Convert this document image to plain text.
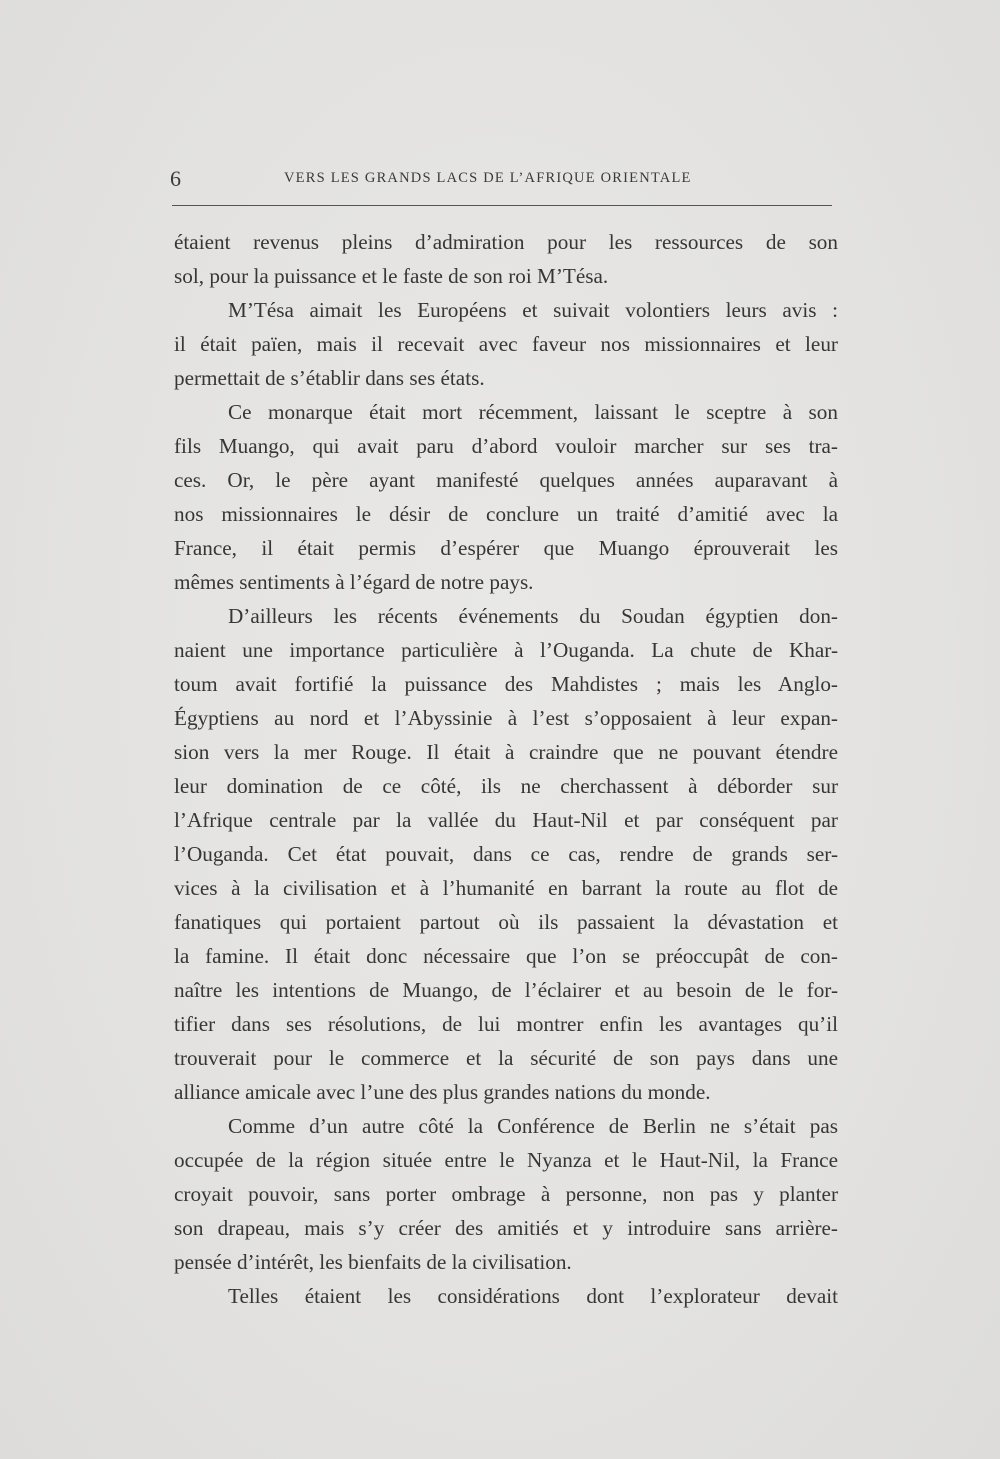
6	VERS LES GRANDS LACS DE L’AFRIQUE ORIENTALE
étaient revenus pleins d’admiration pour les ressources de son
sol, pour la puissance et le faste de son roi M’Tésa.
M’Tésa aimait les Européens et suivait volontiers leurs avis :
il était païen, mais il recevait avec faveur nos missionnaires et leur
permettait de s’établir dans ses états.
Ce monarque était mort récemment, laissant le sceptre à son
fils Muango, qui avait paru d’abord vouloir marcher sur ses tra-
ces. Or, le père ayant manifesté quelques années auparavant à
nos missionnaires le désir de conclure un traité d’amitié avec la
France, il était permis d’espérer que Muango éprouverait les
mêmes sentiments à l’égard de notre pays.
D’ailleurs les récents événements du Soudan égyptien don-
naient une importance particulière à l’Ouganda. La chute de Khar-
toum avait fortifié la puissance des Mahdistes ; mais les Anglo-
Égyptiens au nord et l’Abyssinie à l’est s’opposaient à leur expan-
sion vers la mer Rouge. Il était à craindre que ne pouvant étendre
leur domination de ce côté, ils ne cherchassent à déborder sur
l’Afrique centrale par la vallée du Haut-Nil et par conséquent par
l’Ouganda. Cet état pouvait, dans ce cas, rendre de grands ser-
vices à la civilisation et à l’humanité en barrant la route au flot de
fanatiques qui portaient partout où ils passaient la dévastation et
la famine. Il était donc nécessaire que l’on se préoccupât de con-
naître les intentions de Muango, de l’éclairer et au besoin de le for-
tifier dans ses résolutions, de lui montrer enfin les avantages qu’il
trouverait pour le commerce et la sécurité de son pays dans une
alliance amicale avec l’une des plus grandes nations du monde.
Comme d’un autre côté la Conférence de Berlin ne s’était pas
occupée de la région située entre le Nyanza et le Haut-Nil, la France
croyait pouvoir, sans porter ombrage à personne, non pas y planter
son drapeau, mais s’y créer des amitiés et y introduire sans arrière-
pensée d’intérêt, les bienfaits de la civilisation.
Telles étaient les considérations dont l’explorateur devait
